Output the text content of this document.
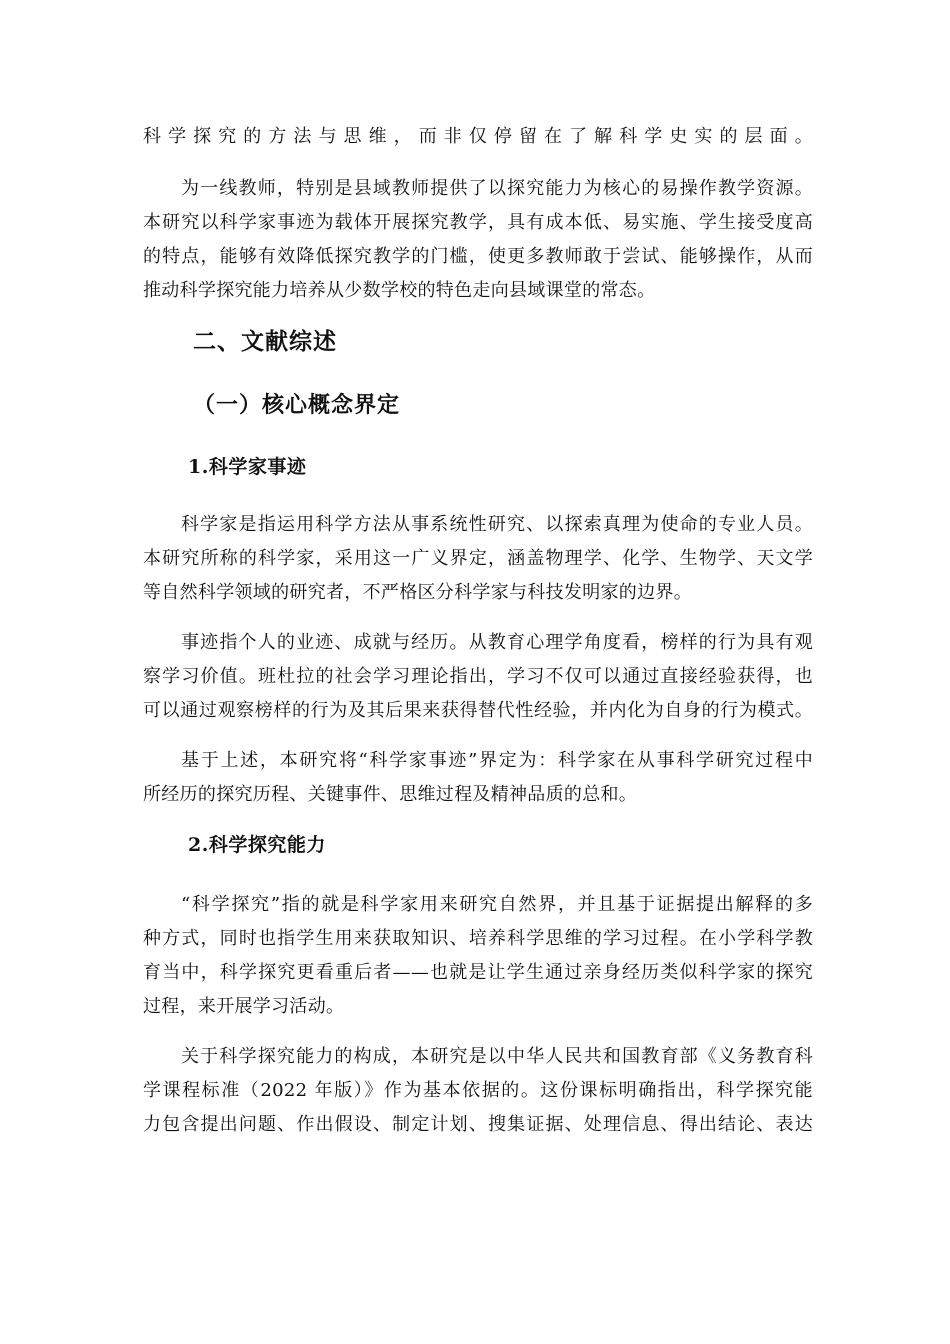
科学探究的方法与思维，而非仅停留在了解科学史实的层面。
为一线教师，特别是县域教师提供了以探究能力为核心的易操作教学资源。
本研究以科学家事迹为载体开展探究教学，具有成本低、易实施、学生接受度高
的特点，能够有效降低探究教学的门槛，使更多教师敢于尝试、能够操作，从而
推动科学探究能力培养从少数学校的特色走向县域课堂的常态。
二、文献综述
（一）核心概念界定
1.科学家事迹
科学家是指运用科学方法从事系统性研究、以探索真理为使命的专业人员。
本研究所称的科学家，采用这一广义界定，涵盖物理学、化学、生物学、天文学
等自然科学领域的研究者，不严格区分科学家与科技发明家的边界。
事迹指个人的业迹、成就与经历。从教育心理学角度看，榜样的行为具有观
察学习价值。班杜拉的社会学习理论指出，学习不仅可以通过直接经验获得，也
可以通过观察榜样的行为及其后果来获得替代性经验，并内化为自身的行为模式。
基于上述，本研究将“科学家事迹”界定为：科学家在从事科学研究过程中
所经历的探究历程、关键事件、思维过程及精神品质的总和。
2.科学探究能力
“科学探究”指的就是科学家用来研究自然界，并且基于证据提出解释的多
种方式，同时也指学生用来获取知识、培养科学思维的学习过程。在小学科学教
育当中，科学探究更看重后者——也就是让学生通过亲身经历类似科学家的探究
过程，来开展学习活动。
关于科学探究能力的构成，本研究是以中华人民共和国教育部《义务教育科
学课程标准（2022 年版）》作为基本依据的。这份课标明确指出，科学探究能
力包含提出问题、作出假设、制定计划、搜集证据、处理信息、得出结论、表达
